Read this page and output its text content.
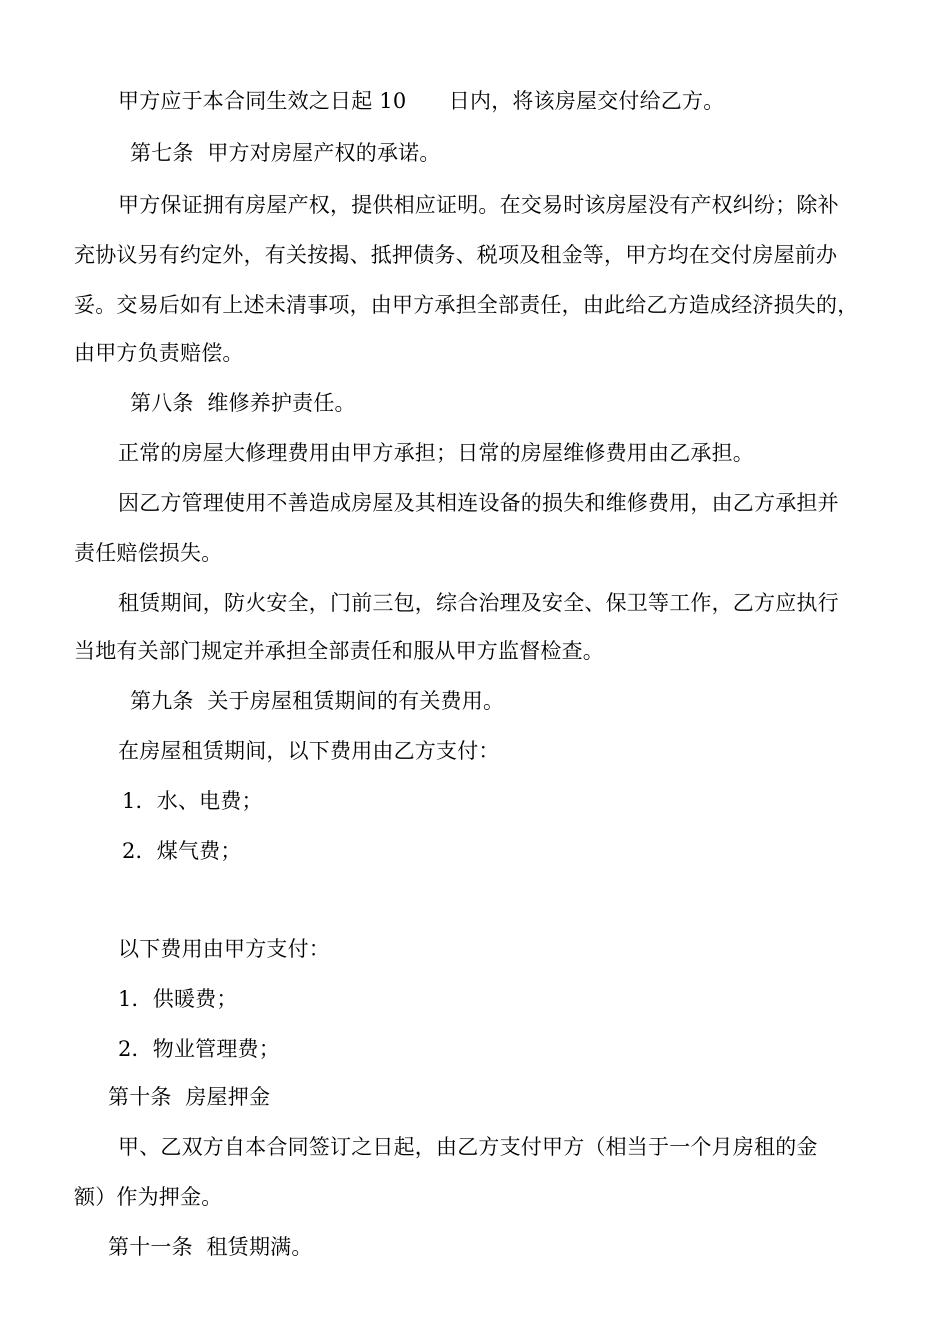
甲方应于本合同生效之日起 10　　日内，将该房屋交付给乙方。
第七条  甲方对房屋产权的承诺。
甲方保证拥有房屋产权，提供相应证明。在交易时该房屋没有产权纠纷；除补
充协议另有约定外，有关按揭、抵押债务、税项及租金等，甲方均在交付房屋前办
妥。交易后如有上述未清事项，由甲方承担全部责任，由此给乙方造成经济损失的，
由甲方负责赔偿。
第八条  维修养护责任。
正常的房屋大修理费用由甲方承担；日常的房屋维修费用由乙承担。
因乙方管理使用不善造成房屋及其相连设备的损失和维修费用，由乙方承担并
责任赔偿损失。
租赁期间，防火安全，门前三包，综合治理及安全、保卫等工作，乙方应执行
当地有关部门规定并承担全部责任和服从甲方监督检查。
第九条  关于房屋租赁期间的有关费用。
在房屋租赁期间，以下费用由乙方支付：
1．水、电费；
2．煤气费；
以下费用由甲方支付：
1．供暖费；
2．物业管理费；
第十条  房屋押金
甲、乙双方自本合同签订之日起，由乙方支付甲方（相当于一个月房租的金
额）作为押金。
第十一条  租赁期满。
